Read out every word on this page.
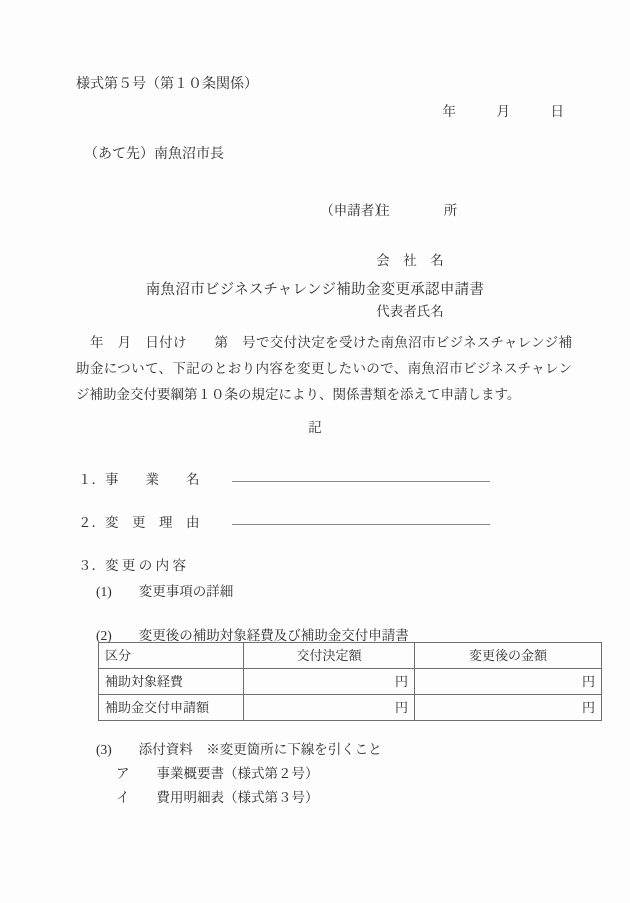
様式第５号（第１０条関係）
年　　　月　　　日
（あて先）南魚沼市長

（申請者）住　　　　所

会　社　名

代表者氏名

南魚沼市ビジネスチャレンジ補助金変更承認申請書
年　月　日付け　　第　号で交付決定を受けた南魚沼市ビジネスチャレンジ補助金について、下記のとおり内容を変更したいので、南魚沼市ビジネスチャレンジ補助金交付要綱第１０条の規定により、関係書類を添えて申請します。
記
１．事　　業　　名
２．変　更　理　由
３．変 更 の 内 容
(1)　　変更事項の詳細
(2)　　変更後の補助対象経費及び補助金交付申請書
区分	交付決定額	変更後の金額
補助対象経費	円	円
補助金交付申請額	円	円
(3)　　添付資料　※変更箇所に下線を引くこと
ア　　事業概要書（様式第２号）
イ　　費用明細表（様式第３号）
